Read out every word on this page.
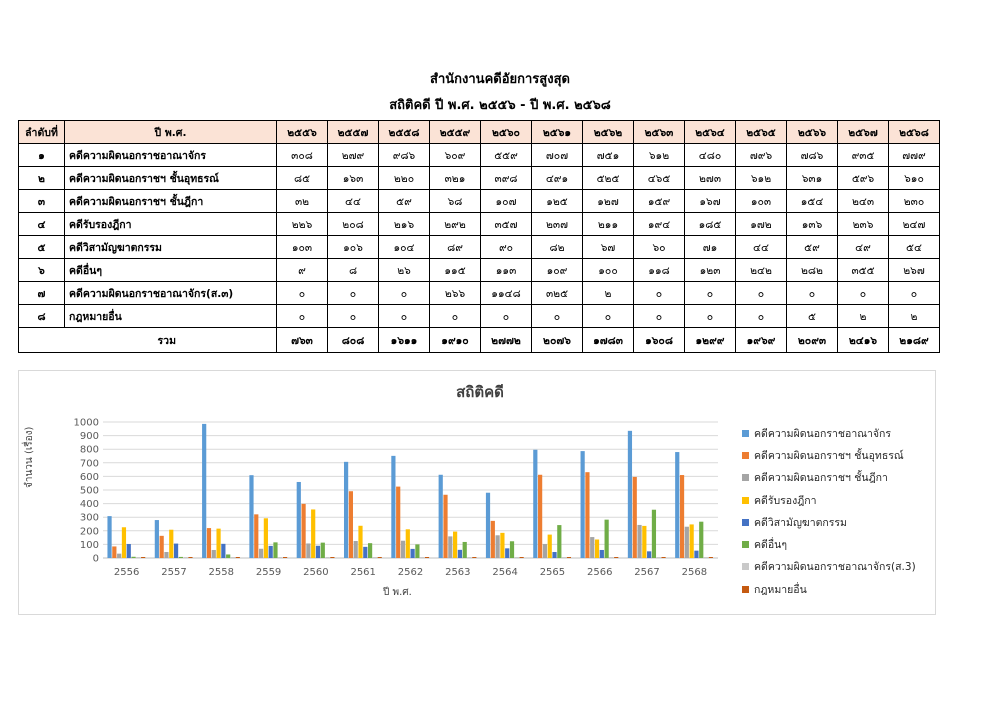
สำนักงานคดีอัยการสูงสุด
สถิติคดี ปี พ.ศ. ๒๕๕๖ - ปี พ.ศ. ๒๕๖๘
ลำดับที่	ปี พ.ศ.	๒๕๕๖	๒๕๕๗	๒๕๕๘	๒๕๕๙	๒๕๖๐	๒๕๖๑	๒๕๖๒	๒๕๖๓	๒๕๖๔	๒๕๖๕	๒๕๖๖	๒๕๖๗	๒๕๖๘
๑	คดีความผิดนอกราชอาณาจักร	๓๐๘	๒๗๙	๙๘๖	๖๐๙	๕๕๙	๗๐๗	๗๕๑	๖๑๒	๔๘๐	๗๙๖	๗๘๖	๙๓๕	๗๗๙
๒	คดีความผิดนอกราชฯ ชั้นอุทธรณ์	๘๕	๑๖๓	๒๒๐	๓๒๑	๓๙๘	๔๙๑	๕๒๕	๔๖๕	๒๗๓	๖๑๒	๖๓๑	๕๙๖	๖๑๐
๓	คดีความผิดนอกราชฯ ชั้นฎีกา	๓๒	๔๔	๕๙	๖๘	๑๐๗	๑๒๕	๑๒๗	๑๕๙	๑๖๗	๑๐๓	๑๕๔	๒๔๓	๒๓๐
๔	คดีรับรองฎีกา	๒๒๖	๒๐๘	๒๑๖	๒๙๒	๓๕๗	๒๓๗	๒๑๑	๑๙๔	๑๘๕	๑๗๒	๑๓๖	๒๓๖	๒๔๗
๕	คดีวิสามัญฆาตกรรม	๑๐๓	๑๐๖	๑๐๔	๘๙	๙๐	๘๒	๖๗	๖๐	๗๑	๔๔	๕๙	๔๙	๕๔
๖	คดีอื่นๆ	๙	๘	๒๖	๑๑๕	๑๑๓	๑๐๙	๑๐๐	๑๑๘	๑๒๓	๒๔๒	๒๘๒	๓๕๕	๒๖๗
๗	คดีความผิดนอกราชอาณาจักร(ส.๓)	๐	๐	๐	๒๖๖	๑๑๔๘	๓๒๕	๒	๐	๐	๐	๐	๐	๐
๘	กฎหมายอื่น	๐	๐	๐	๐	๐	๐	๐	๐	๐	๐	๕	๒	๒
รวม		๗๖๓	๘๐๘	๑๖๑๑	๑๙๑๐	๒๗๗๒	๒๐๗๖	๑๗๘๓	๑๖๐๘	๑๒๙๙	๑๙๖๙	๒๐๙๓	๒๔๑๖	๒๑๘๙
สถิติคดี
0
100
200
300
400
500
600
700
800
900
1000
2556 2557 2558 2559 2560 2561 2562 2563 2564 2565 2566 2567 2568
จำนวน (เรื่อง)
ปี พ.ศ.
คดีความผิดนอกราชอาณาจักร
คดีความผิดนอกราชฯ ชั้นอุทธรณ์
คดีความผิดนอกราชฯ ชั้นฎีกา
คดีรับรองฎีกา
คดีวิสามัญฆาตกรรม
คดีอื่นๆ
คดีความผิดนอกราชอาณาจักร(ส.3)
กฎหมายอื่น
